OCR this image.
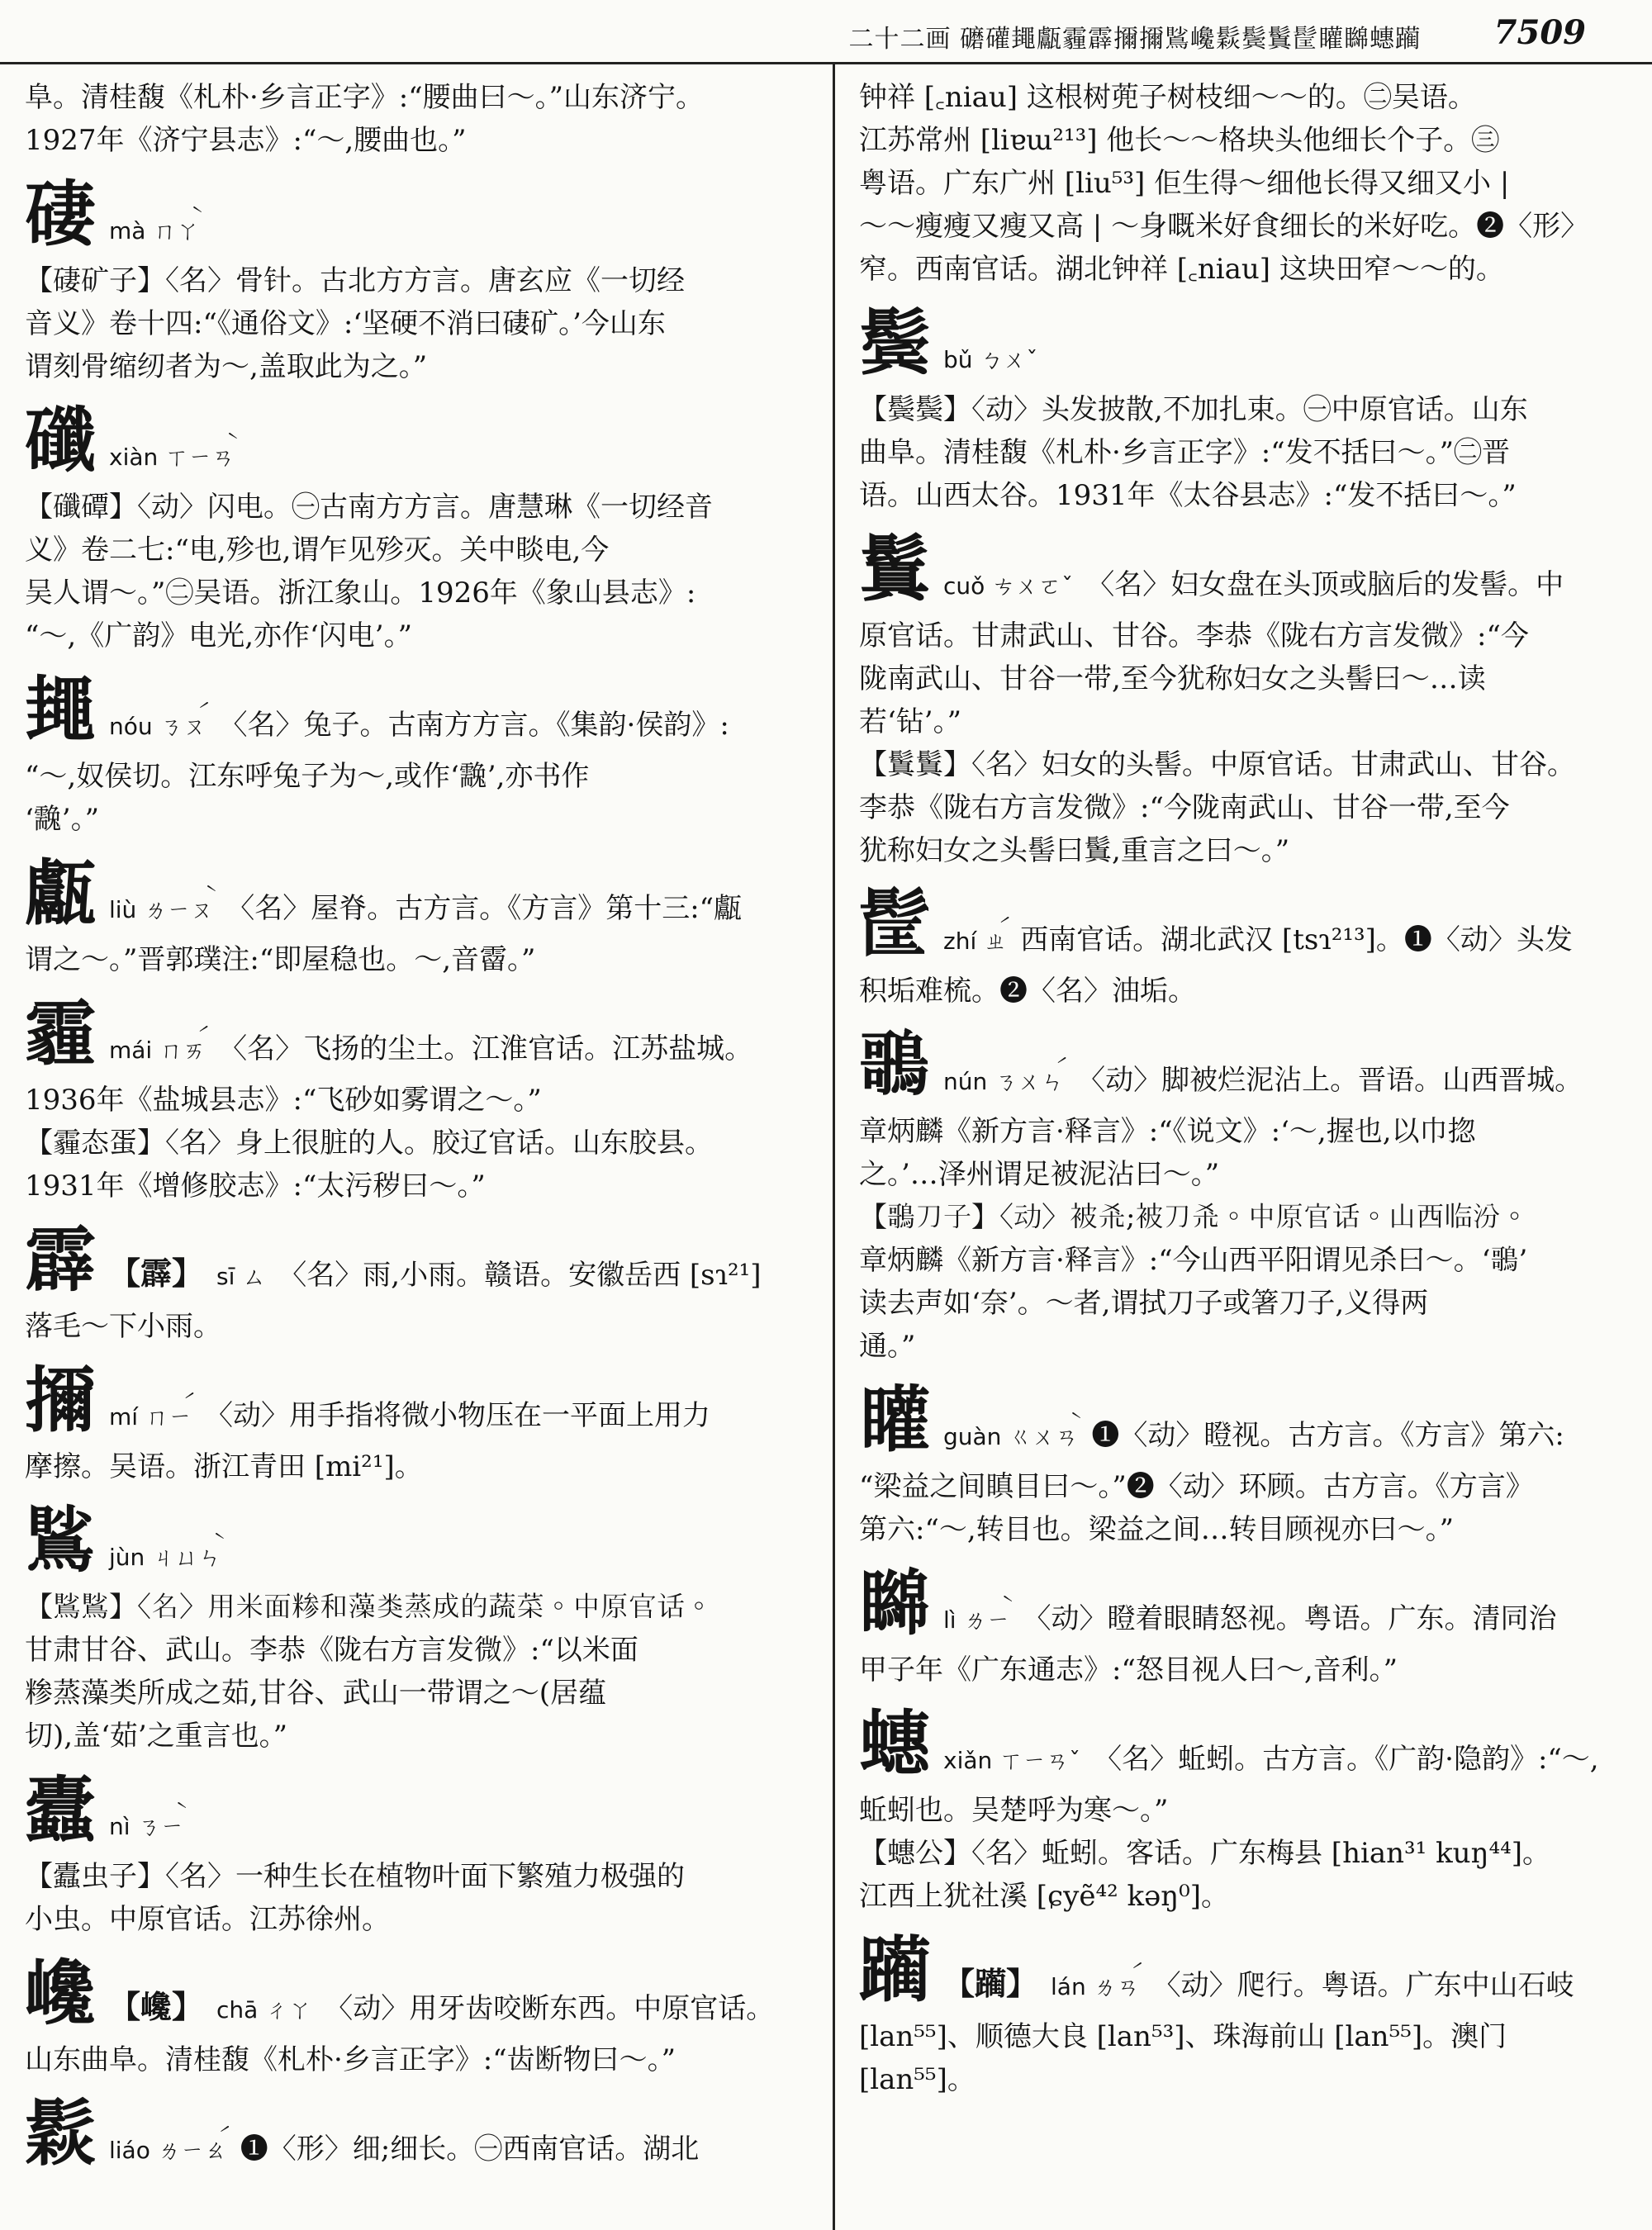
二十二画 礳礶䵷甗霾霹擟擟𪃧巉鬏鬓鬒𩬹矔矊蟪躏 7509
阜。清桂馥《札朴·乡言正字》:“腰曲曰～。”山东济宁。
1927年《济宁县志》:“～,腰曲也。”
䃀 mà ㄇㄚ̀
【䃀矿子】〈名〉骨针。古北方方言。唐玄应《一切经
音义》卷十四:“《通俗文》:‘坚硬不消曰䃀矿。’今山东
谓刻骨缩纫者为～,盖取此为之。”
䃸 xiàn ㄒㄧㄢ̀
【䃸磹】〈动〉闪电。㊀古南方方言。唐慧琳《一切经音
义》卷二七:“电,殄也,谓乍见殄灭。关中睒电,今
吴人谓～。”㊁吴语。浙江象山。1926年《象山县志》:
“～,《广韵》电光,亦作‘闪电’。”
䵷 nóu ㄋㄡ́ 〈名〉兔子。古南方方言。《集韵·侯韵》:
“～,奴侯切。江东呼兔子为～,或作‘䨲’,亦书作
‘䨲’。”
甗 liù ㄌㄧㄡ̀ 〈名〉屋脊。古方言。《方言》第十三:“甗
谓之～。”晋郭璞注:“即屋稳也。～,音霤。”
霾 mái ㄇㄞ́ 〈名〉飞扬的尘土。江淮官话。江苏盐城。
1936年《盐城县志》:“飞砂如雾谓之～。”
【霾态蛋】〈名〉身上很脏的人。胶辽官话。山东胶县。
1931年《增修胶志》:“太污秽曰～。”
霹 【霹】 sī ㄙ 〈名〉雨,小雨。赣语。安徽岳西 [sɿ²¹]
落毛～下小雨。
擟 mí ㄇㄧ́ 〈动〉用手指将微小物压在一平面上用力
摩擦。吴语。浙江青田 [mi²¹]。
𪃧 jùn ㄐㄩㄣ̀
【𪃧𪃧】〈名〉用米面糁和藻类蒸成的蔬菜。中原官话。
甘肃甘谷、武山。李恭《陇右方言发微》:“以米面
糁蒸藻类所成之茹,甘谷、武山一带谓之～(居蕴
切),盖‘茹’之重言也。”
蠹 nì ㄋㄧ̀
【蠹虫子】〈名〉一种生长在植物叶面下繁殖力极强的
小虫。中原官话。江苏徐州。
巉 【巉】 chā ㄔㄚ 〈动〉用牙齿咬断东西。中原官话。
山东曲阜。清桂馥《札朴·乡言正字》:“齿断物曰～。”
鬏 liáo ㄌㄧㄠ́ ❶〈形〉细;细长。㊀西南官话。湖北
钟祥 [꜀niau] 这根树蔸子树枝细～～的。㊁吴语。
江苏常州 [liɐɯ²¹³] 他长～～格块头他细长个子。㊂
粤语。广东广州 [liu⁵³] 佢生得～细他长得又细又小 |
～～瘦瘦又瘦又高 | ～身嘅米好食细长的米好吃。❷〈形〉
窄。西南官话。湖北钟祥 [꜀niau] 这块田窄～～的。
鬓 bǔ ㄅㄨˇ
【鬓鬓】〈动〉头发披散,不加扎束。㊀中原官话。山东
曲阜。清桂馥《札朴·乡言正字》:“发不括曰～。”㊁晋
语。山西太谷。1931年《太谷县志》:“发不括曰～。”
鬒 cuǒ ㄘㄨㄛˇ 〈名〉妇女盘在头顶或脑后的发髻。中
原官话。甘肃武山、甘谷。李恭《陇右方言发微》:“今
陇南武山、甘谷一带,至今犹称妇女之头髻曰～…读
若‘钻’。”
【鬒鬒】〈名〉妇女的头髻。中原官话。甘肃武山、甘谷。
李恭《陇右方言发微》:“今陇南武山、甘谷一带,至今
犹称妇女之头髻曰鬒,重言之曰～。”
𩬹 zhí ㄓ́ 西南官话。湖北武汉 [tsɿ²¹³]。❶〈动〉头发
积垢难梳。❷〈名〉油垢。
𪃿 nún ㄋㄨㄣ́ 〈动〉脚被烂泥沾上。晋语。山西晋城。
章炳麟《新方言·释言》:“《说文》:‘～,握也,以巾㧾
之。’…泽州谓足被泥沾曰～。”
【𪃿刀子】〈动〉被杀;被刀杀。中原官话。山西临汾。
章炳麟《新方言·释言》:“今山西平阳谓见杀曰～。‘𪃿’
读去声如‘奈’。～者,谓拭刀子或箸刀子,义得两
通。”
矔 guàn ㄍㄨㄢ̀ ❶〈动〉瞪视。古方言。《方言》第六:
“梁益之间瞋目曰～。”❷〈动〉环顾。古方言。《方言》
第六:“～,转目也。梁益之间…转目顾视亦曰～。”
矊 lì ㄌㄧ̀ 〈动〉瞪着眼睛怒视。粤语。广东。清同治
甲子年《广东通志》:“怒目视人曰～,音利。”
蟪 xiǎn ㄒㄧㄢˇ 〈名〉蚯蚓。古方言。《广韵·隐韵》:“～,
蚯蚓也。吴楚呼为寒～。”
【蟪公】〈名〉蚯蚓。客话。广东梅县 [hian³¹ kuŋ⁴⁴]。
江西上犹社溪 [ɕyẽ⁴² kəŋ⁰]。
躏 【躏】 lán ㄌㄢ́ 〈动〉爬行。粤语。广东中山石岐
[lan⁵⁵]、顺德大良 [lan⁵³]、珠海前山 [lan⁵⁵]。澳门
[lan⁵⁵]。
